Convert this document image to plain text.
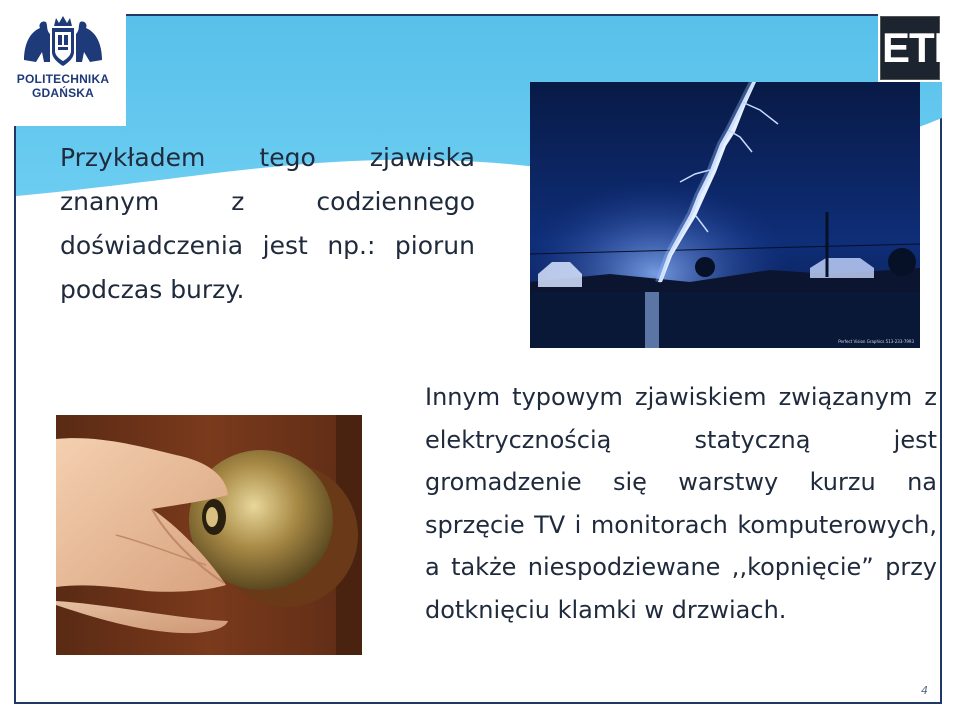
POLITECHNIKA
GDAŃSKA
ETI
Przykładem tego zjawiska znanym z codziennego doświadczenia jest np.: piorun podczas burzy.
Perfect Vision Graphics 513-233-7993
Innym typowym zjawiskiem związanym z elektrycznością statyczną jest gromadzenie się warstwy kurzu na sprzęcie TV i monitorach komputerowych, a także niespodziewane ,,kopnięcie” przy dotknięciu klamki w drzwiach.
4
